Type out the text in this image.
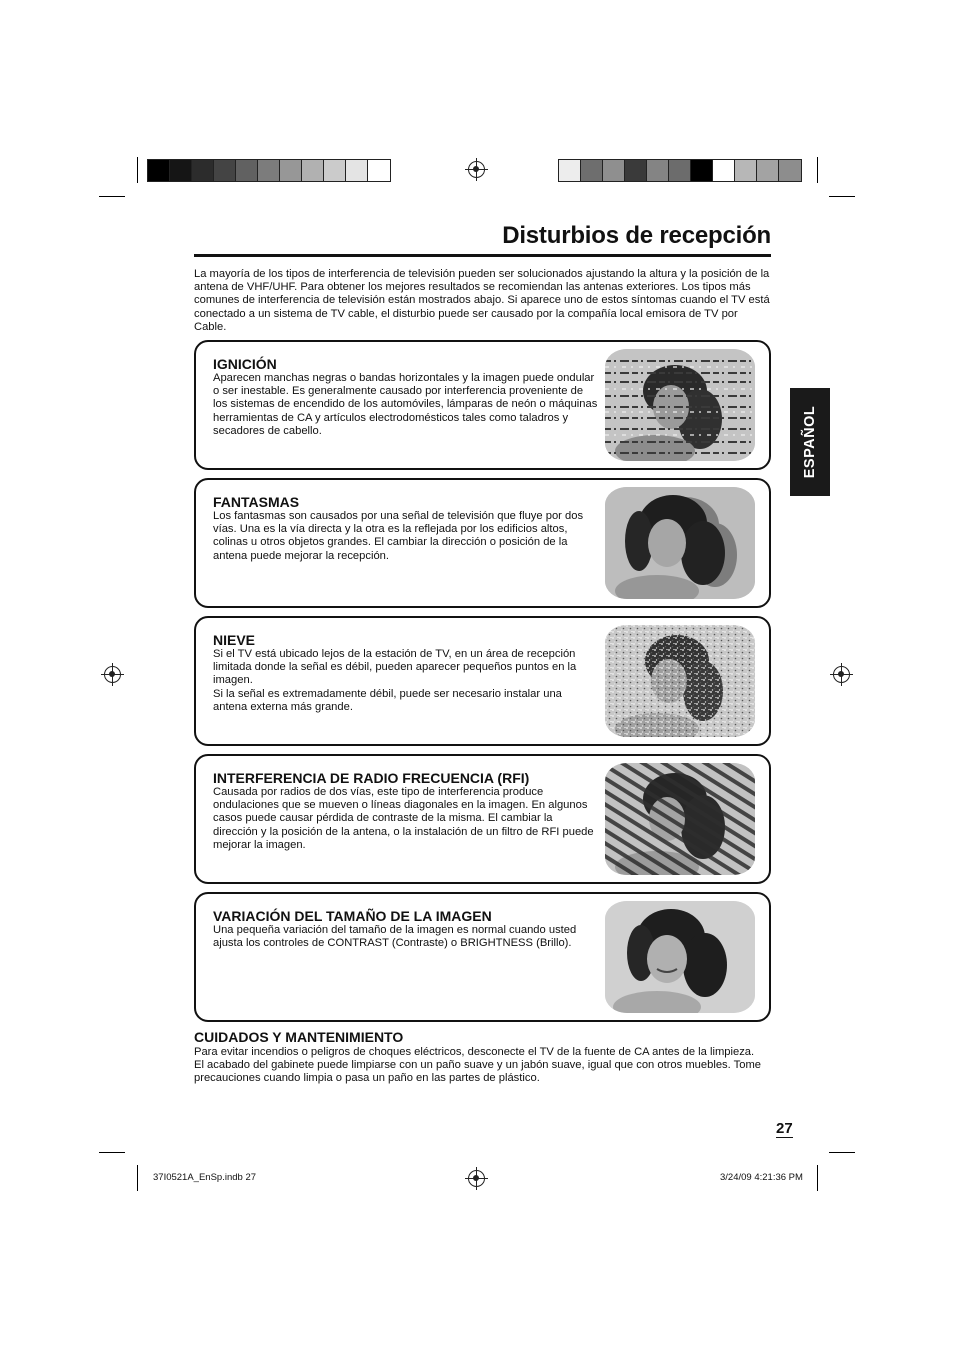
Disturbios de recepción

La mayoría de los tipos de interferencia de televisión pueden ser solucionados ajustando la altura y la posición de la antena de VHF/UHF. Para obtener los mejores resultados se recomiendan las antenas exteriores. Los tipos más comunes de interferencia de televisión están mostrados abajo. Si aparece uno de estos síntomas cuando el TV está conectado a un sistema de TV cable, el disturbio puede ser causado por la compañía local emisora de TV por Cable.

ESPAÑOL
IGNICIÓN

Aparecen manchas negras o bandas horizontales y la imagen puede ondular o ser inestable. Es generalmente causado por interferencia proveniente de los sistemas de encendido de los automóviles, lámparas de neón o máquinas herramientas de CA y artículos electrodomésticos tales como taladros y secadores de cabello.

FANTASMAS

Los fantasmas son causados por una señal de televisión que fluye por dos vías. Una es la vía directa y la otra es la reflejada por los edificios altos, colinas u otros objetos grandes. El cambiar la dirección o posición de la antena puede mejorar la recepción.

NIEVE

Si el TV está ubicado lejos de la estación de TV, en un área de recepción limitada donde la señal es débil, pueden aparecer pequeños puntos en la imagen.
Si la señal es extremadamente débil, puede ser necesario instalar una antena externa más grande.

INTERFERENCIA DE RADIO FRECUENCIA (RFI)

Causada por radios de dos vías, este tipo de interferencia produce ondulaciones que se mueven o líneas diagonales en la imagen. En algunos casos puede causar pérdida de contraste de la misma. El cambiar la dirección y la posición de la antena, o la instalación de un filtro de RFI puede mejorar la imagen.

VARIACIÓN DEL TAMAÑO DE LA IMAGEN

Una pequeña variación del tamaño de la imagen es normal cuando usted ajusta los controles de CONTRAST (Contraste) o BRIGHTNESS (Brillo).

CUIDADOS Y MANTENIMIENTO

Para evitar incendios o peligros de choques eléctricos, desconecte el TV de la fuente de CA antes de la limpieza.
El acabado del gabinete puede limpiarse con un paño suave y un jabón suave, igual que con otros muebles. Tome precauciones cuando limpia o pasa un paño en las partes de plástico.

27
37I0521A_EnSp.indb 27	3/24/09 4:21:36 PM
